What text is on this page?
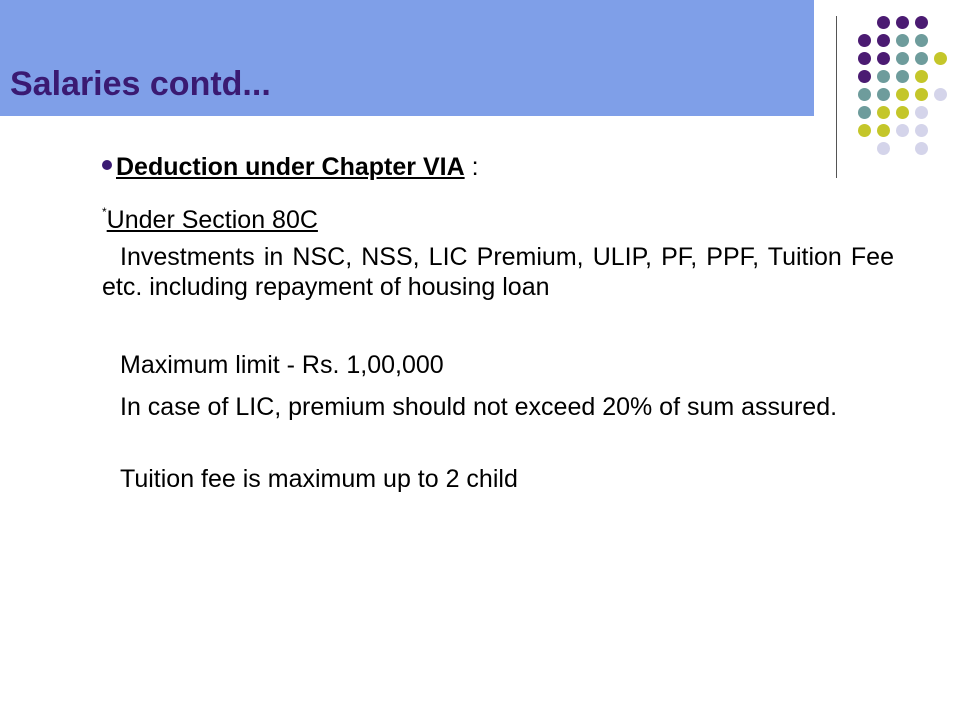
Salaries contd...
Deduction under Chapter VIA :
*Under Section 80C

Investments in NSC, NSS, LIC Premium, ULIP, PF, PPF, Tuition Fee etc. including repayment of housing loan

Maximum limit - Rs. 1,00,000

In case of LIC, premium should not exceed 20% of sum assured.

Tuition fee is maximum up to 2 child
